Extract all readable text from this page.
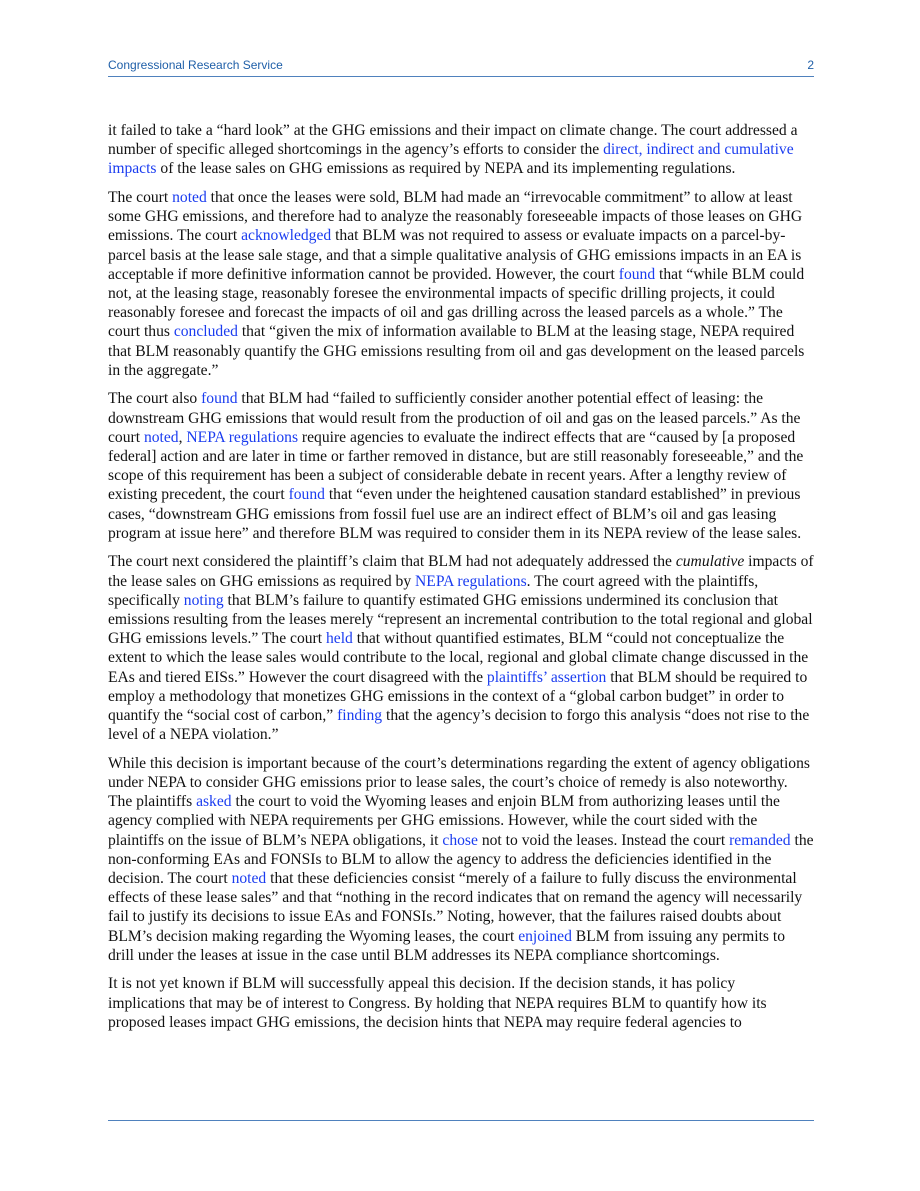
Congressional Research Service	2

it failed to take a “hard look” at the GHG emissions and their impact on climate change. The court addressed a number of specific alleged shortcomings in the agency’s efforts to consider the direct, indirect and cumulative impacts of the lease sales on GHG emissions as required by NEPA and its implementing regulations.

The court noted that once the leases were sold, BLM had made an “irrevocable commitment” to allow at least some GHG emissions, and therefore had to analyze the reasonably foreseeable impacts of those leases on GHG emissions. The court acknowledged that BLM was not required to assess or evaluate impacts on a parcel-by-parcel basis at the lease sale stage, and that a simple qualitative analysis of GHG emissions impacts in an EA is acceptable if more definitive information cannot be provided. However, the court found that “while BLM could not, at the leasing stage, reasonably foresee the environmental impacts of specific drilling projects, it could reasonably foresee and forecast the impacts of oil and gas drilling across the leased parcels as a whole.” The court thus concluded that “given the mix of information available to BLM at the leasing stage, NEPA required that BLM reasonably quantify the GHG emissions resulting from oil and gas development on the leased parcels in the aggregate.”

The court also found that BLM had “failed to sufficiently consider another potential effect of leasing: the downstream GHG emissions that would result from the production of oil and gas on the leased parcels.” As the court noted, NEPA regulations require agencies to evaluate the indirect effects that are “caused by [a proposed federal] action and are later in time or farther removed in distance, but are still reasonably foreseeable,” and the scope of this requirement has been a subject of considerable debate in recent years. After a lengthy review of existing precedent, the court found that “even under the heightened causation standard established” in previous cases, “downstream GHG emissions from fossil fuel use are an indirect effect of BLM’s oil and gas leasing program at issue here” and therefore BLM was required to consider them in its NEPA review of the lease sales.

The court next considered the plaintiff’s claim that BLM had not adequately addressed the cumulative impacts of the lease sales on GHG emissions as required by NEPA regulations. The court agreed with the plaintiffs, specifically noting that BLM’s failure to quantify estimated GHG emissions undermined its conclusion that emissions resulting from the leases merely “represent an incremental contribution to the total regional and global GHG emissions levels.” The court held that without quantified estimates, BLM “could not conceptualize the extent to which the lease sales would contribute to the local, regional and global climate change discussed in the EAs and tiered EISs.” However the court disagreed with the plaintiffs’ assertion that BLM should be required to employ a methodology that monetizes GHG emissions in the context of a “global carbon budget” in order to quantify the “social cost of carbon,” finding that the agency’s decision to forgo this analysis “does not rise to the level of a NEPA violation.”

While this decision is important because of the court’s determinations regarding the extent of agency obligations under NEPA to consider GHG emissions prior to lease sales, the court’s choice of remedy is also noteworthy. The plaintiffs asked the court to void the Wyoming leases and enjoin BLM from authorizing leases until the agency complied with NEPA requirements per GHG emissions. However, while the court sided with the plaintiffs on the issue of BLM’s NEPA obligations, it chose not to void the leases. Instead the court remanded the non-conforming EAs and FONSIs to BLM to allow the agency to address the deficiencies identified in the decision. The court noted that these deficiencies consist “merely of a failure to fully discuss the environmental effects of these lease sales” and that “nothing in the record indicates that on remand the agency will necessarily fail to justify its decisions to issue EAs and FONSIs.” Noting, however, that the failures raised doubts about BLM’s decision making regarding the Wyoming leases, the court enjoined BLM from issuing any permits to drill under the leases at issue in the case until BLM addresses its NEPA compliance shortcomings.

It is not yet known if BLM will successfully appeal this decision. If the decision stands, it has policy implications that may be of interest to Congress. By holding that NEPA requires BLM to quantify how its proposed leases impact GHG emissions, the decision hints that NEPA may require federal agencies to
